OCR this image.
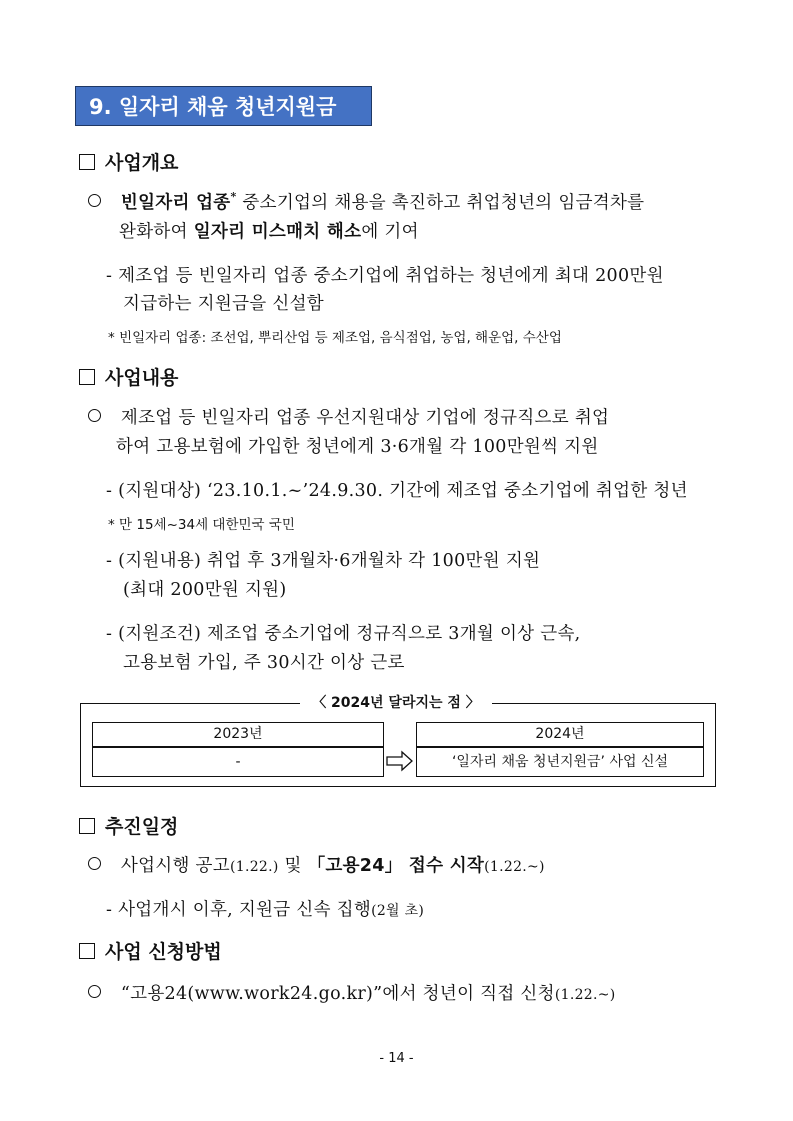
9. 일자리 채움 청년지원금
사업개요
빈일자리 업종* 중소기업의 채용을 촉진하고 취업청년의 임금격차를
완화하여 일자리 미스매치 해소에 기여
- 제조업 등 빈일자리 업종 중소기업에 취업하는 청년에게 최대 200만원
지급하는 지원금을 신설함
* 빈일자리 업종: 조선업, 뿌리산업 등 제조업, 음식점업, 농업, 해운업, 수산업
사업내용
제조업 등 빈일자리 업종 우선지원대상 기업에 정규직으로 취업
하여 고용보험에 가입한 청년에게 3·6개월 각 100만원씩 지원
- (지원대상) ‘23.10.1.~’24.9.30. 기간에 제조업 중소기업에 취업한 청년
* 만 15세~34세 대한민국 국민
- (지원내용) 취업 후 3개월차·6개월차 각 100만원 지원
(최대 200만원 지원)
- (지원조건) 제조업 중소기업에 정규직으로 3개월 이상 근속,
고용보험 가입, 주 30시간 이상 근로
〈 2024년 달라지는 점 〉
2023년
-
2024년
‘일자리 채움 청년지원금’ 사업 신설
추진일정
사업시행 공고(1.22.) 및 「고용24」 접수 시작(1.22.~)
- 사업개시 이후, 지원금 신속 집행(2월 초)
사업 신청방법
“고용24(www.work24.go.kr)”에서 청년이 직접 신청(1.22.~)
- 14 -
